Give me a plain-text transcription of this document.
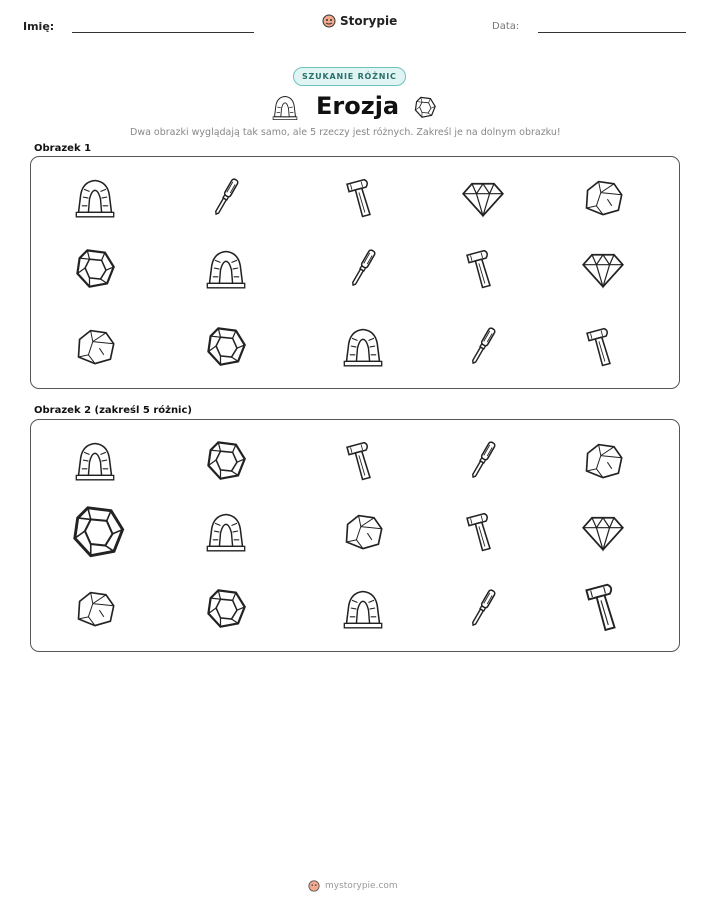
Imię:	Storypie	Data:
SZUKANIE RÓŻNIC
Erozja
Dwa obrazki wyglądają tak samo, ale 5 rzeczy jest różnych. Zakreśl je na dolnym obrazku!
Obrazek 1
Obrazek 2 (zakreśl 5 różnic)
mystorypie.com
